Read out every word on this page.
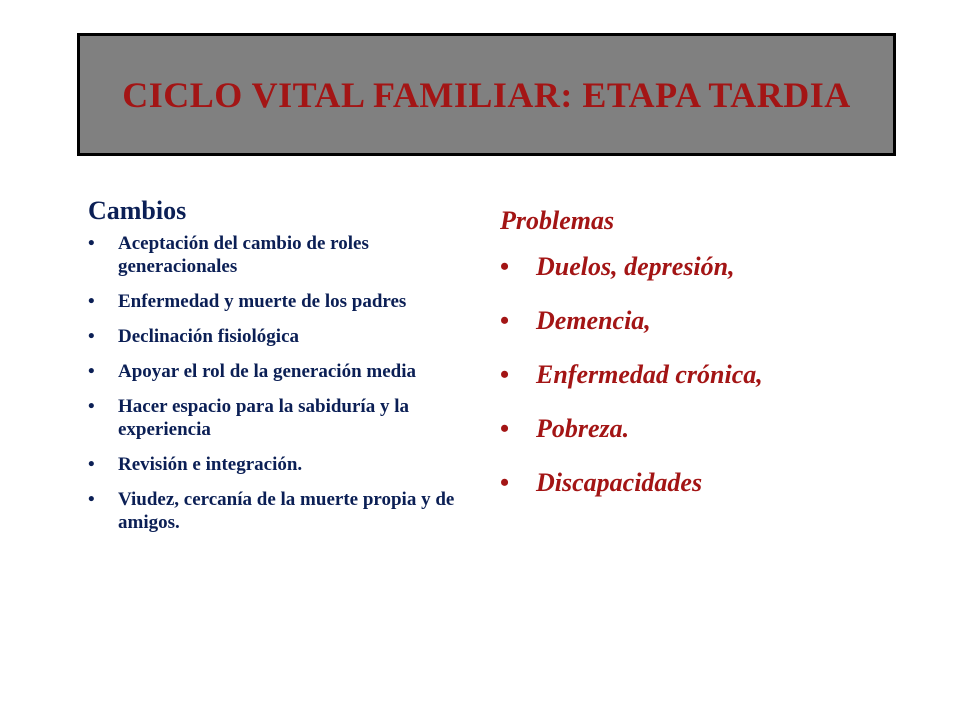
CICLO VITAL FAMILIAR: ETAPA TARDIA
Cambios
• Aceptación del cambio de roles generacionales
• Enfermedad y muerte de los padres
• Declinación fisiológica
• Apoyar el rol de la generación media
• Hacer espacio para la sabiduría y la experiencia
• Revisión e integración.
• Viudez, cercanía de la muerte propia y de amigos.
Problemas
• Duelos, depresión,
• Demencia,
• Enfermedad crónica,
• Pobreza.
• Discapacidades
